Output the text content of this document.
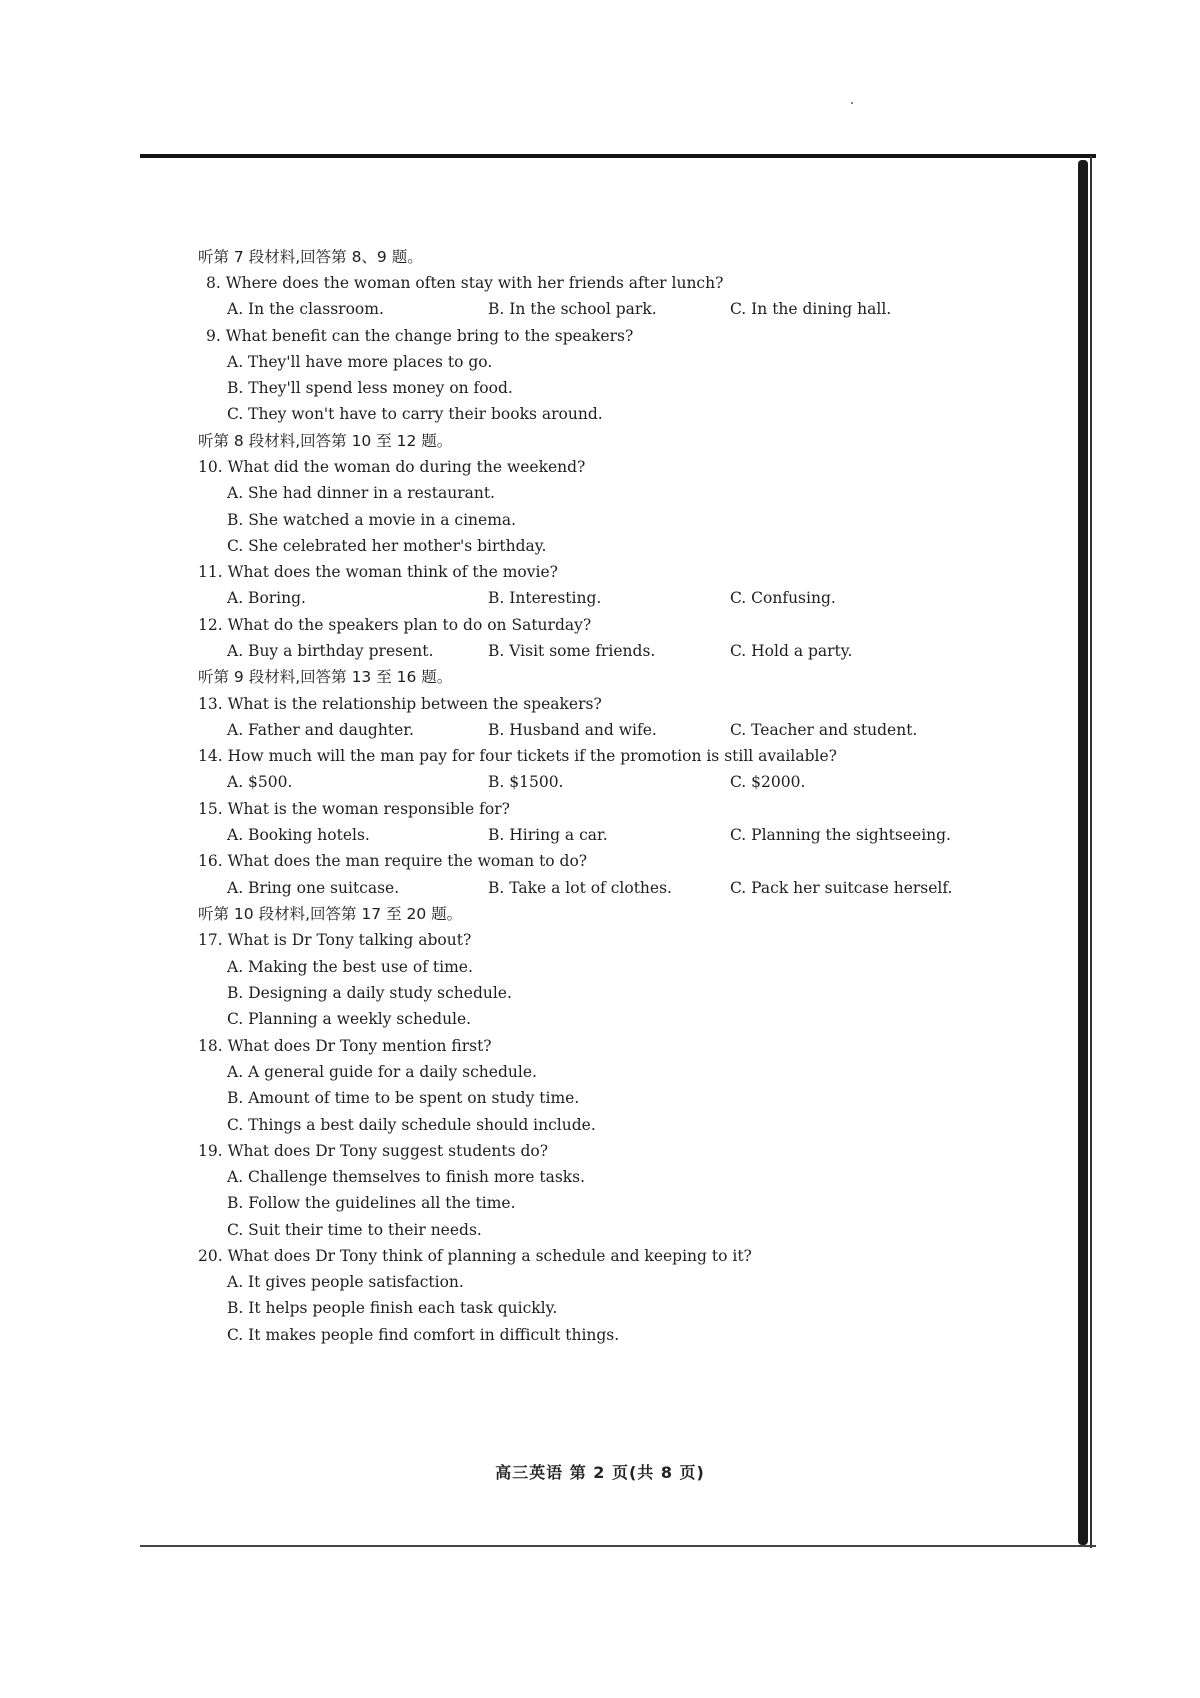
听第 7 段材料,回答第 8、9 题。
8. Where does the woman often stay with her friends after lunch?
A. In the classroom.	B. In the school park.	C. In the dining hall.
9. What benefit can the change bring to the speakers?
A. They'll have more places to go.
B. They'll spend less money on food.
C. They won't have to carry their books around.
听第 8 段材料,回答第 10 至 12 题。
10. What did the woman do during the weekend?
A. She had dinner in a restaurant.
B. She watched a movie in a cinema.
C. She celebrated her mother's birthday.
11. What does the woman think of the movie?
A. Boring.	B. Interesting.	C. Confusing.
12. What do the speakers plan to do on Saturday?
A. Buy a birthday present.	B. Visit some friends.	C. Hold a party.
听第 9 段材料,回答第 13 至 16 题。
13. What is the relationship between the speakers?
A. Father and daughter.	B. Husband and wife.	C. Teacher and student.
14. How much will the man pay for four tickets if the promotion is still available?
A. $500.	B. $1500.	C. $2000.
15. What is the woman responsible for?
A. Booking hotels.	B. Hiring a car.	C. Planning the sightseeing.
16. What does the man require the woman to do?
A. Bring one suitcase.	B. Take a lot of clothes.	C. Pack her suitcase herself.
听第 10 段材料,回答第 17 至 20 题。
17. What is Dr Tony talking about?
A. Making the best use of time.
B. Designing a daily study schedule.
C. Planning a weekly schedule.
18. What does Dr Tony mention first?
A. A general guide for a daily schedule.
B. Amount of time to be spent on study time.
C. Things a best daily schedule should include.
19. What does Dr Tony suggest students do?
A. Challenge themselves to finish more tasks.
B. Follow the guidelines all the time.
C. Suit their time to their needs.
20. What does Dr Tony think of planning a schedule and keeping to it?
A. It gives people satisfaction.
B. It helps people finish each task quickly.
C. It makes people find comfort in difficult things.
高三英语 第 2 页(共 8 页)
